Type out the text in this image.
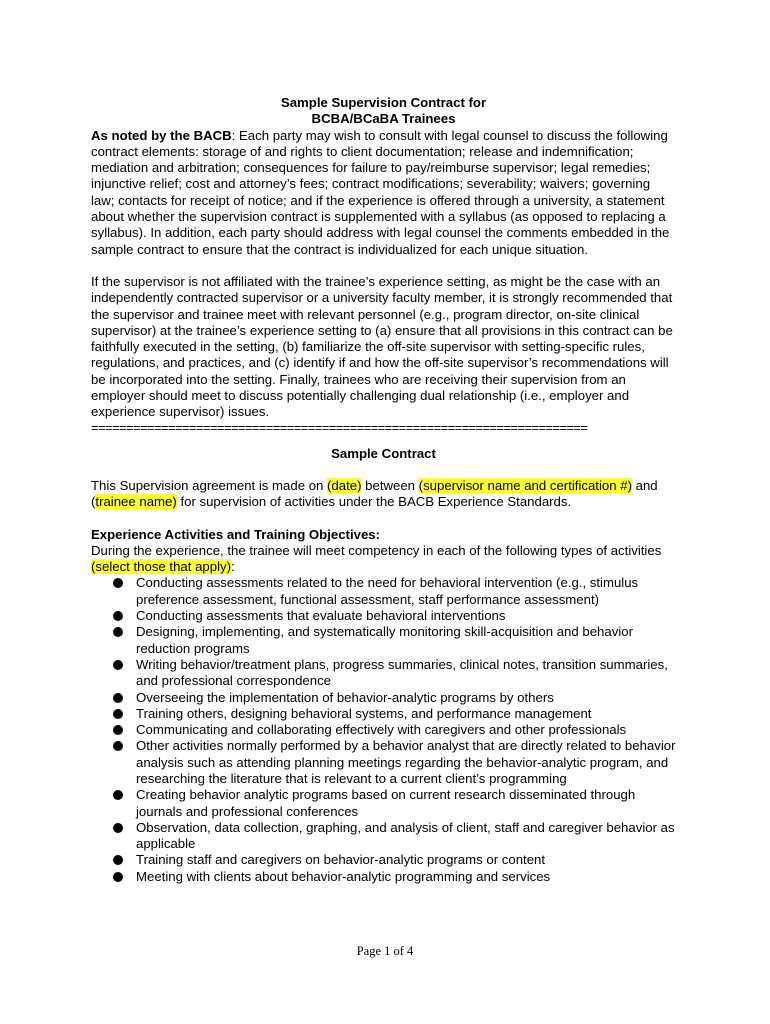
Sample Supervision Contract for

BCBA/BCaBA Trainees

As noted by the BACB: Each party may wish to consult with legal counsel to discuss the following contract elements: storage of and rights to client documentation; release and indemnification; mediation and arbitration; consequences for failure to pay/reimburse supervisor; legal remedies; injunctive relief; cost and attorney’s fees; contract modifications; severability; waivers; governing law; contacts for receipt of notice; and if the experience is offered through a university, a statement about whether the supervision contract is supplemented with a syllabus (as opposed to replacing a syllabus). In addition, each party should address with legal counsel the comments embedded in the sample contract to ensure that the contract is individualized for each unique situation.

If the supervisor is not affiliated with the trainee’s experience setting, as might be the case with an independently contracted supervisor or a university faculty member, it is strongly recommended that the supervisor and trainee meet with relevant personnel (e.g., program director, on-site clinical supervisor) at the trainee’s experience setting to (a) ensure that all provisions in this contract can be faithfully executed in the setting, (b) familiarize the off-site supervisor with setting-specific rules, regulations, and practices, and (c) identify if and how the off-site supervisor’s recommendations will be incorporated into the setting. Finally, trainees who are receiving their supervision from an employer should meet to discuss potentially challenging dual relationship (i.e., employer and experience supervisor) issues.

=======================================================================

Sample Contract

This Supervision agreement is made on (date) between (supervisor name and certification #) and (trainee name) for supervision of activities under the BACB Experience Standards.

Experience Activities and Training Objectives:

During the experience, the trainee will meet competency in each of the following types of activities (select those that apply):

Conducting assessments related to the need for behavioral intervention (e.g., stimulus preference assessment, functional assessment, staff performance assessment)
Conducting assessments that evaluate behavioral interventions
Designing, implementing, and systematically monitoring skill-acquisition and behavior reduction programs
Writing behavior/treatment plans, progress summaries, clinical notes, transition summaries, and professional correspondence
Overseeing the implementation of behavior-analytic programs by others
Training others, designing behavioral systems, and performance management
Communicating and collaborating effectively with caregivers and other professionals
Other activities normally performed by a behavior analyst that are directly related to behavior analysis such as attending planning meetings regarding the behavior-analytic program, and researching the literature that is relevant to a current client’s programming
Creating behavior analytic programs based on current research disseminated through journals and professional conferences
Observation, data collection, graphing, and analysis of client, staff and caregiver behavior as applicable
Training staff and caregivers on behavior-analytic programs or content
Meeting with clients about behavior-analytic programming and services
Page 1 of 4
